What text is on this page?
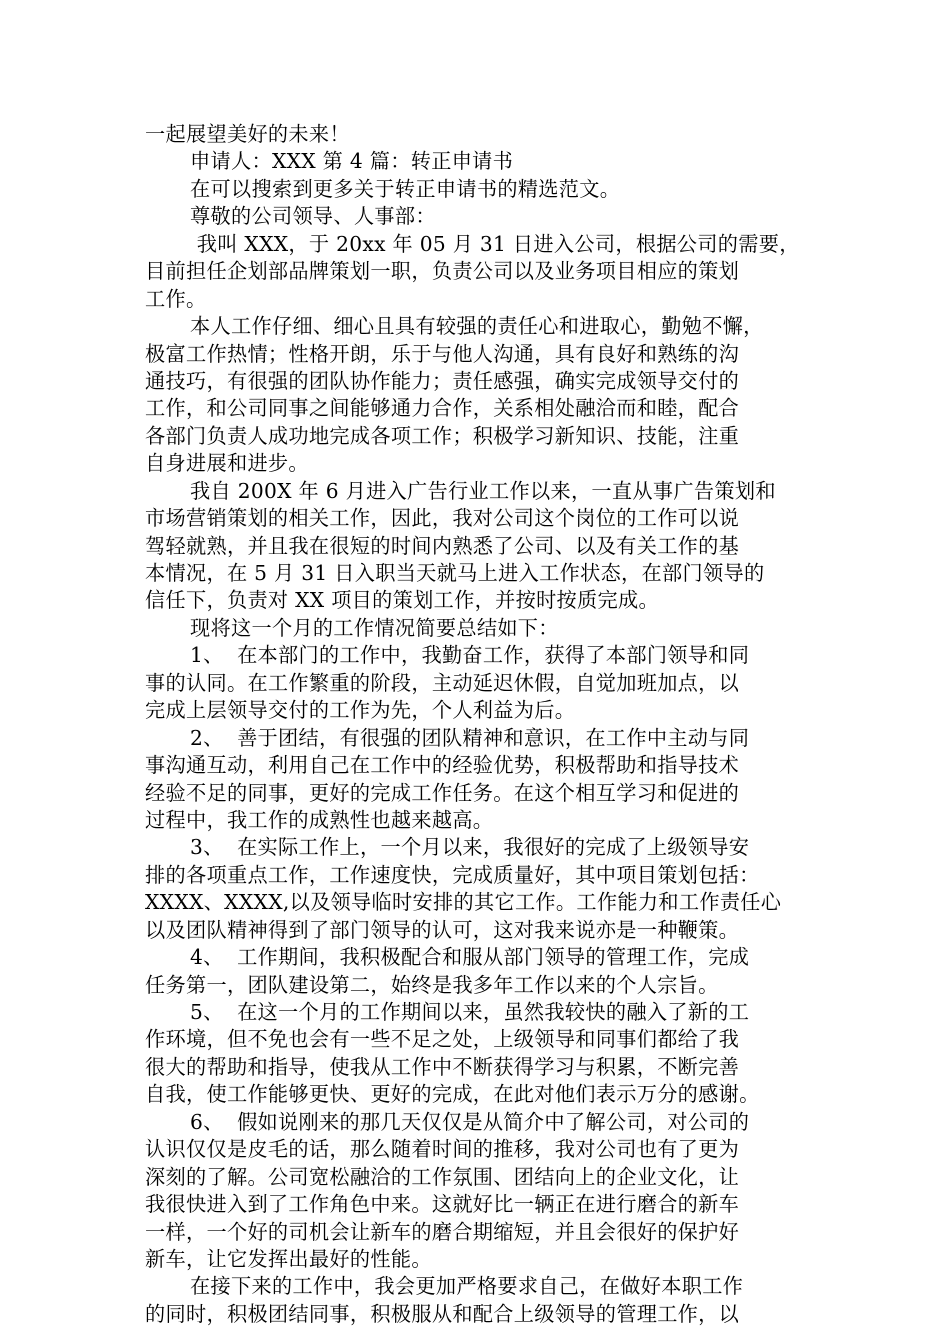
一起展望美好的未来！
申请人：XXX 第 4 篇：转正申请书
在可以搜索到更多关于转正申请书的精选范文。
尊敬的公司领导、人事部：
我叫 XXX，于 20xx 年 05 月 31 日进入公司，根据公司的需要，
目前担任企划部品牌策划一职，负责公司以及业务项目相应的策划
工作。
本人工作仔细、细心且具有较强的责任心和进取心，勤勉不懈，
极富工作热情；性格开朗，乐于与他人沟通，具有良好和熟练的沟
通技巧，有很强的团队协作能力；责任感强，确实完成领导交付的
工作，和公司同事之间能够通力合作，关系相处融洽而和睦，配合
各部门负责人成功地完成各项工作；积极学习新知识、技能，注重
自身进展和进步。
我自 200X 年 6 月进入广告行业工作以来，一直从事广告策划和
市场营销策划的相关工作，因此，我对公司这个岗位的工作可以说
驾轻就熟，并且我在很短的时间内熟悉了公司、以及有关工作的基
本情况，在 5 月 31 日入职当天就马上进入工作状态，在部门领导的
信任下，负责对 XX 项目的策划工作，并按时按质完成。
现将这一个月的工作情况简要总结如下：
1、  在本部门的工作中，我勤奋工作，获得了本部门领导和同
事的认同。在工作繁重的阶段，主动延迟休假，自觉加班加点，以
完成上层领导交付的工作为先，个人利益为后。
2、  善于团结，有很强的团队精神和意识，在工作中主动与同
事沟通互动，利用自己在工作中的经验优势，积极帮助和指导技术
经验不足的同事，更好的完成工作任务。在这个相互学习和促进的
过程中，我工作的成熟性也越来越高。
3、  在实际工作上，一个月以来，我很好的完成了上级领导安
排的各项重点工作，工作速度快，完成质量好，其中项目策划包括：
XXXX、XXXX,以及领导临时安排的其它工作。工作能力和工作责任心
以及团队精神得到了部门领导的认可，这对我来说亦是一种鞭策。
4、  工作期间，我积极配合和服从部门领导的管理工作，完成
任务第一，团队建设第二，始终是我多年工作以来的个人宗旨。
5、  在这一个月的工作期间以来，虽然我较快的融入了新的工
作环境，但不免也会有一些不足之处，上级领导和同事们都给了我
很大的帮助和指导，使我从工作中不断获得学习与积累，不断完善
自我，使工作能够更快、更好的完成，在此对他们表示万分的感谢。
6、  假如说刚来的那几天仅仅是从简介中了解公司，对公司的
认识仅仅是皮毛的话，那么随着时间的推移，我对公司也有了更为
深刻的了解。公司宽松融洽的工作氛围、团结向上的企业文化，让
我很快进入到了工作角色中来。这就好比一辆正在进行磨合的新车
一样，一个好的司机会让新车的磨合期缩短，并且会很好的保护好
新车，让它发挥出最好的性能。
在接下来的工作中，我会更加严格要求自己，在做好本职工作
的同时，积极团结同事，积极服从和配合上级领导的管理工作，以
